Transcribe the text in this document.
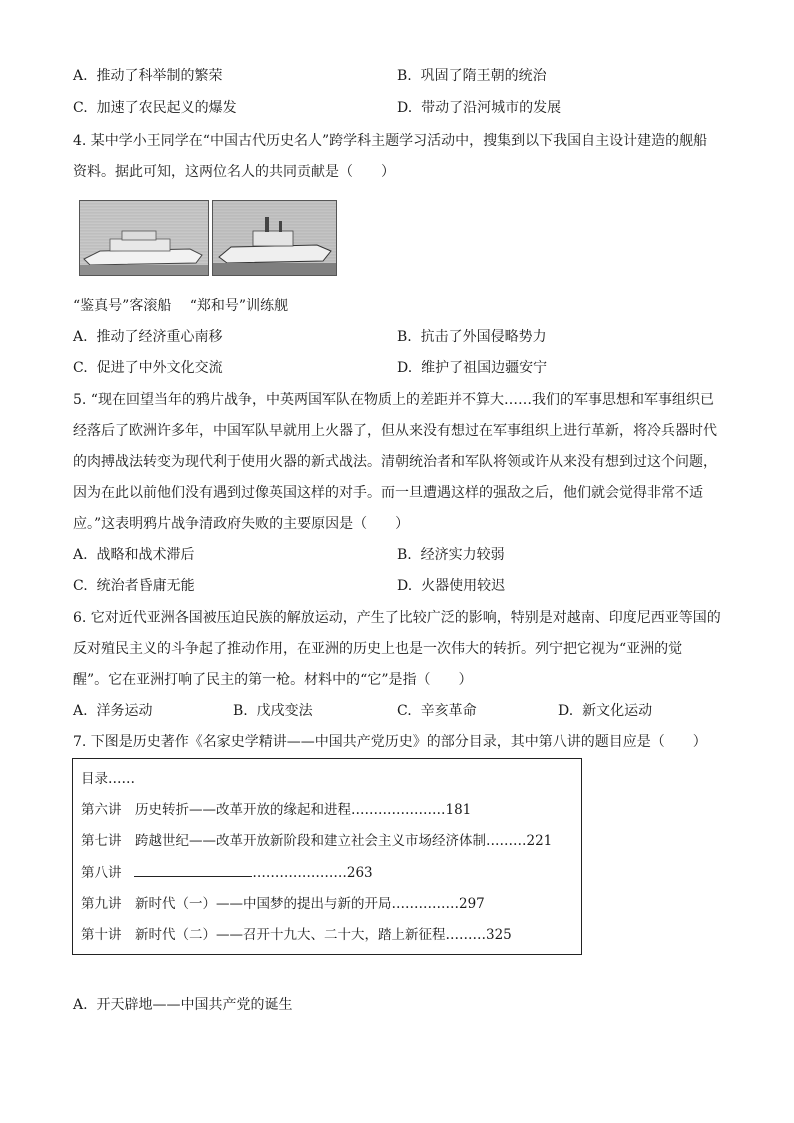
A. 推动了科举制的繁荣	B. 巩固了隋王朝的统治
C. 加速了农民起义的爆发	D. 带动了沿河城市的发展
4. 某中学小王同学在“中国古代历史名人”跨学科主题学习活动中，搜集到以下我国自主设计建造的舰船
资料。据此可知，这两位名人的共同贡献是（　　）
“鉴真号”客滚船　 “郑和号”训练舰
A. 推动了经济重心南移	B. 抗击了外国侵略势力
C. 促进了中外文化交流	D. 维护了祖国边疆安宁
5. “现在回望当年的鸦片战争，中英两国军队在物质上的差距并不算大……我们的军事思想和军事组织已
经落后了欧洲许多年，中国军队早就用上火器了，但从来没有想过在军事组织上进行革新，将冷兵器时代
的肉搏战法转变为现代利于使用火器的新式战法。清朝统治者和军队将领或许从来没有想到过这个问题，
因为在此以前他们没有遇到过像英国这样的对手。而一旦遭遇这样的强敌之后，他们就会觉得非常不适
应。”这表明鸦片战争清政府失败的主要原因是（　　）
A. 战略和战术滞后	B. 经济实力较弱
C. 统治者昏庸无能	D. 火器使用较迟
6. 它对近代亚洲各国被压迫民族的解放运动，产生了比较广泛的影响，特别是对越南、印度尼西亚等国的
反对殖民主义的斗争起了推动作用，在亚洲的历史上也是一次伟大的转折。列宁把它视为“亚洲的觉
醒”。它在亚洲打响了民主的第一枪。材料中的“它”是指（　　）
A. 洋务运动	B. 戊戌变法	C. 辛亥革命	D. 新文化运动
7. 下图是历史著作《名家史学精讲——中国共产党历史》的部分目录，其中第八讲的题目应是（　　）
目录……
第六讲　历史转折——改革开放的缘起和进程…………………181
第七讲　跨越世纪——改革开放新阶段和建立社会主义市场经济体制………221
第八讲	…………………263
第九讲　新时代（一）——中国梦的提出与新的开局……………297
第十讲　新时代（二）——召开十九大、二十大，踏上新征程………325
A. 开天辟地——中国共产党的诞生
